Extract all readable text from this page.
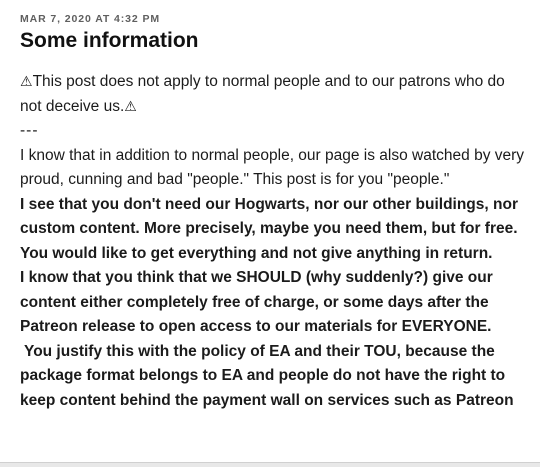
MAR 7, 2020 AT 4:32 PM
Some information

⚠This post does not apply to normal people and to our patrons who do not deceive us.⚠

---

I know that in addition to normal people, our page is also watched by very proud, cunning and bad "people." This post is for you "people."

I see that you don't need our Hogwarts, nor our other buildings, nor custom content. More precisely, maybe you need them, but for free. You would like to get everything and not give anything in return.

I know that you think that we SHOULD (why suddenly?) give our content either completely free of charge, or some days after the Patreon release to open access to our materials for EVERYONE.

You justify this with the policy of EA and their TOU, because the package format belongs to EA and people do not have the right to keep content behind the payment wall on services such as Patreon
